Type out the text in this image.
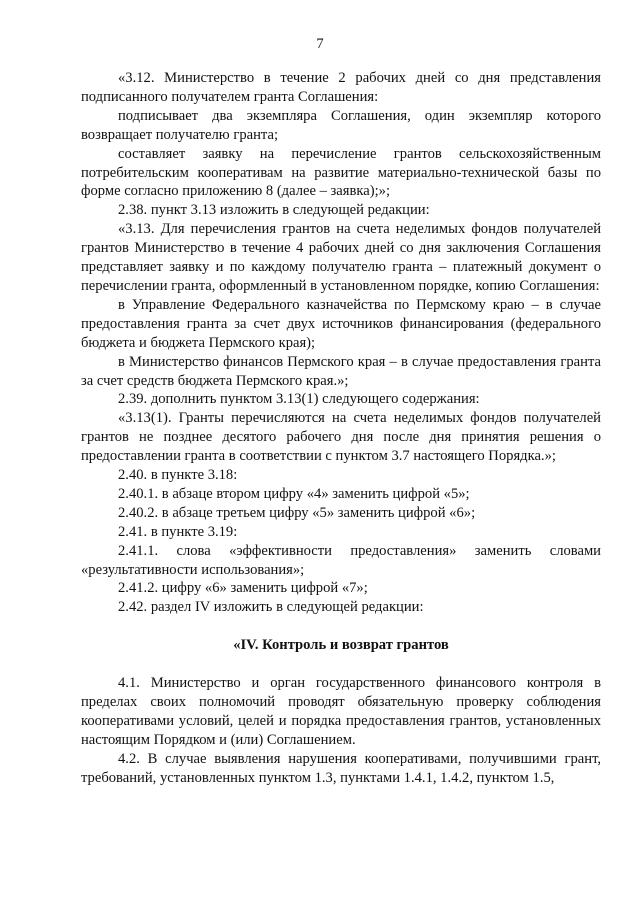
7

«3.12. Министерство в течение 2 рабочих дней со дня представления подписанного получателем гранта Соглашения:

подписывает два экземпляра Соглашения, один экземпляр которого возвращает получателю гранта;

составляет заявку на перечисление грантов сельскохозяйственным потребительским кооперативам на развитие материально-технической базы по форме согласно приложению 8 (далее – заявка);»;

2.38. пункт 3.13 изложить в следующей редакции:

«3.13. Для перечисления грантов на счета неделимых фондов получателей грантов Министерство в течение 4 рабочих дней со дня заключения Соглашения представляет заявку и по каждому получателю гранта – платежный документ о перечислении гранта, оформленный в установленном порядке, копию Соглашения:

в Управление Федерального казначейства по Пермскому краю – в случае предоставления гранта за счет двух источников финансирования (федерального бюджета и бюджета Пермского края);

в Министерство финансов Пермского края – в случае предоставления гранта за счет средств бюджета Пермского края.»;

2.39. дополнить пунктом 3.13(1) следующего содержания:

«3.13(1). Гранты перечисляются на счета неделимых фондов получателей грантов не позднее десятого рабочего дня после дня принятия решения о предоставлении гранта в соответствии с пунктом 3.7 настоящего Порядка.»;

2.40. в пункте 3.18:

2.40.1. в абзаце втором цифру «4» заменить цифрой «5»;

2.40.2. в абзаце третьем цифру «5» заменить цифрой «6»;

2.41. в пункте 3.19:

2.41.1. слова «эффективности предоставления» заменить словами «результативности использования»;

2.41.2. цифру «6» заменить цифрой «7»;

2.42. раздел IV изложить в следующей редакции:

«IV. Контроль и возврат грантов

4.1. Министерство и орган государственного финансового контроля в пределах своих полномочий проводят обязательную проверку соблюдения кооперативами условий, целей и порядка предоставления грантов, установленных настоящим Порядком и (или) Соглашением.

4.2. В случае выявления нарушения кооперативами, получившими грант, требований, установленных пунктом 1.3, пунктами 1.4.1, 1.4.2, пунктом 1.5,
